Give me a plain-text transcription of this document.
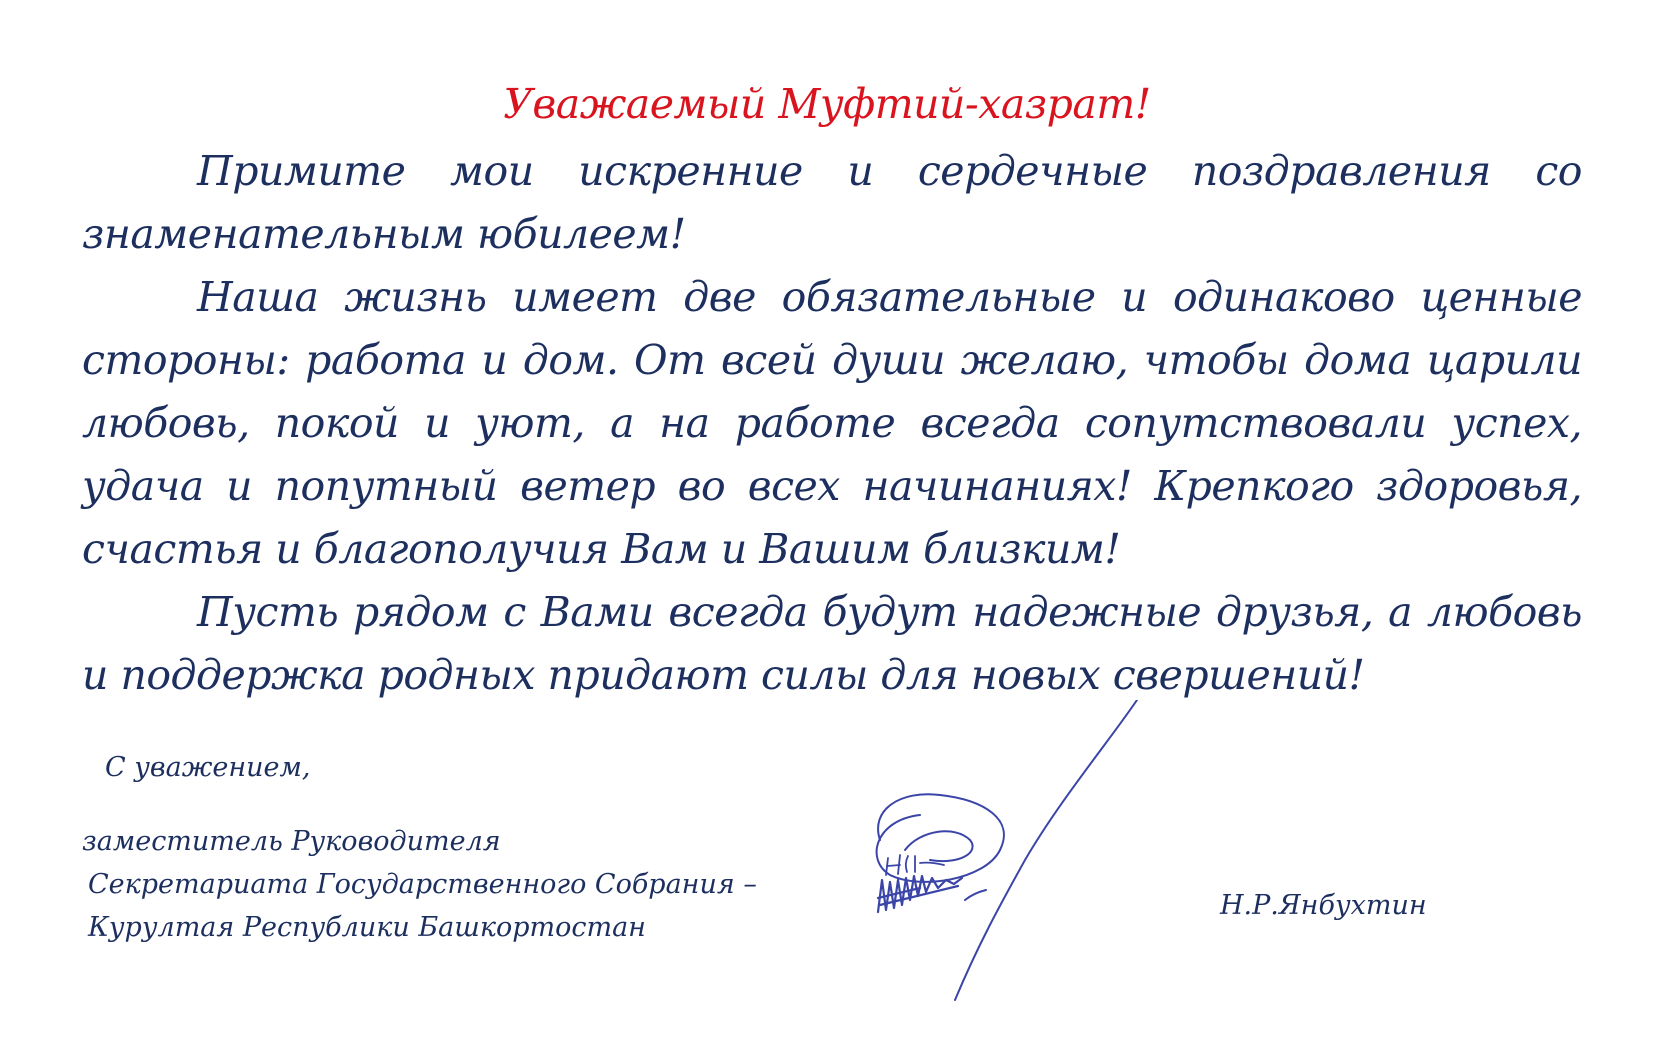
Уважаемый Муфтий-хазрат!

Примите мои искренние и сердечные поздравления со знаменательным юбилеем!

Наша жизнь имеет две обязательные и одинаково ценные стороны: работа и дом. От всей души желаю, чтобы дома царили любовь, покой и уют, а на работе всегда сопутствовали успех, удача и попутный ветер во всех начинаниях! Крепкого здоровья, счастья и благополучия Вам и Вашим близким!

Пусть рядом с Вами всегда будут надежные друзья, а любовь и поддержка родных придают силы для новых свершений!

С уважением,
заместитель Руководителя
Секретариата Государственного Собрания –
Курултая Республики Башкортостан
Н.Р.Янбухтин
